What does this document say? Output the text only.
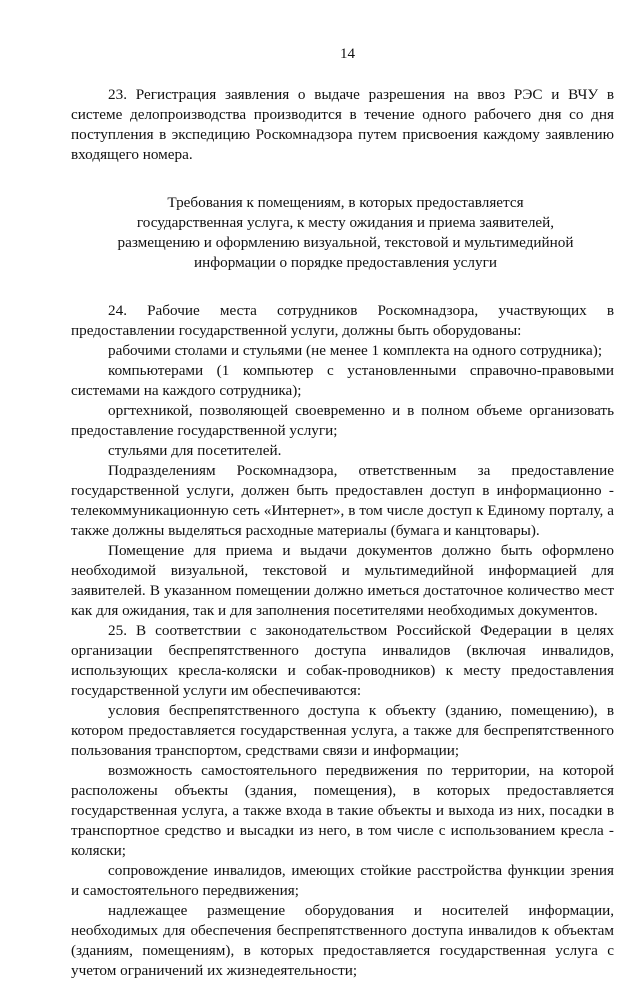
14

23. Регистрация заявления о выдаче разрешения на ввоз РЭС и ВЧУ в системе делопроизводства производится в течение одного рабочего дня со дня поступления в экспедицию Роскомнадзора путем присвоения каждому заявлению входящего номера.

Требования к помещениям, в которых предоставляется
государственная услуга, к месту ожидания и приема заявителей,
размещению и оформлению визуальной, текстовой и мультимедийной
информации о порядке предоставления услуги

24. Рабочие места сотрудников Роскомнадзора, участвующих в предоставлении государственной услуги, должны быть оборудованы:

рабочими столами и стульями (не менее 1 комплекта на одного сотрудника);

компьютерами (1 компьютер с установленными справочно-правовыми системами на каждого сотрудника);

оргтехникой, позволяющей своевременно и в полном объеме организовать предоставление государственной услуги;

стульями для посетителей.

Подразделениям Роскомнадзора, ответственным за предоставление государственной услуги, должен быть предоставлен доступ в информационно - телекоммуникационную сеть «Интернет», в том числе доступ к Единому порталу, а также должны выделяться расходные материалы (бумага и канцтовары).

Помещение для приема и выдачи документов должно быть оформлено необходимой визуальной, текстовой и мультимедийной информацией для заявителей. В указанном помещении должно иметься достаточное количество мест как для ожидания, так и для заполнения посетителями необходимых документов.

25. В соответствии с законодательством Российской Федерации в целях организации беспрепятственного доступа инвалидов (включая инвалидов, использующих кресла-коляски и собак-проводников) к месту предоставления государственной услуги им обеспечиваются:

условия беспрепятственного доступа к объекту (зданию, помещению), в котором предоставляется государственная услуга, а также для беспрепятственного пользования транспортом, средствами связи и информации;

возможность самостоятельного передвижения по территории, на которой расположены объекты (здания, помещения), в которых предоставляется государственная услуга, а также входа в такие объекты и выхода из них, посадки в транспортное средство и высадки из него, в том числе с использованием кресла - коляски;

сопровождение инвалидов, имеющих стойкие расстройства функции зрения и самостоятельного передвижения;

надлежащее размещение оборудования и носителей информации, необходимых для обеспечения беспрепятственного доступа инвалидов к объектам (зданиям, помещениям), в которых предоставляется государственная услуга с учетом ограничений их жизнедеятельности;
